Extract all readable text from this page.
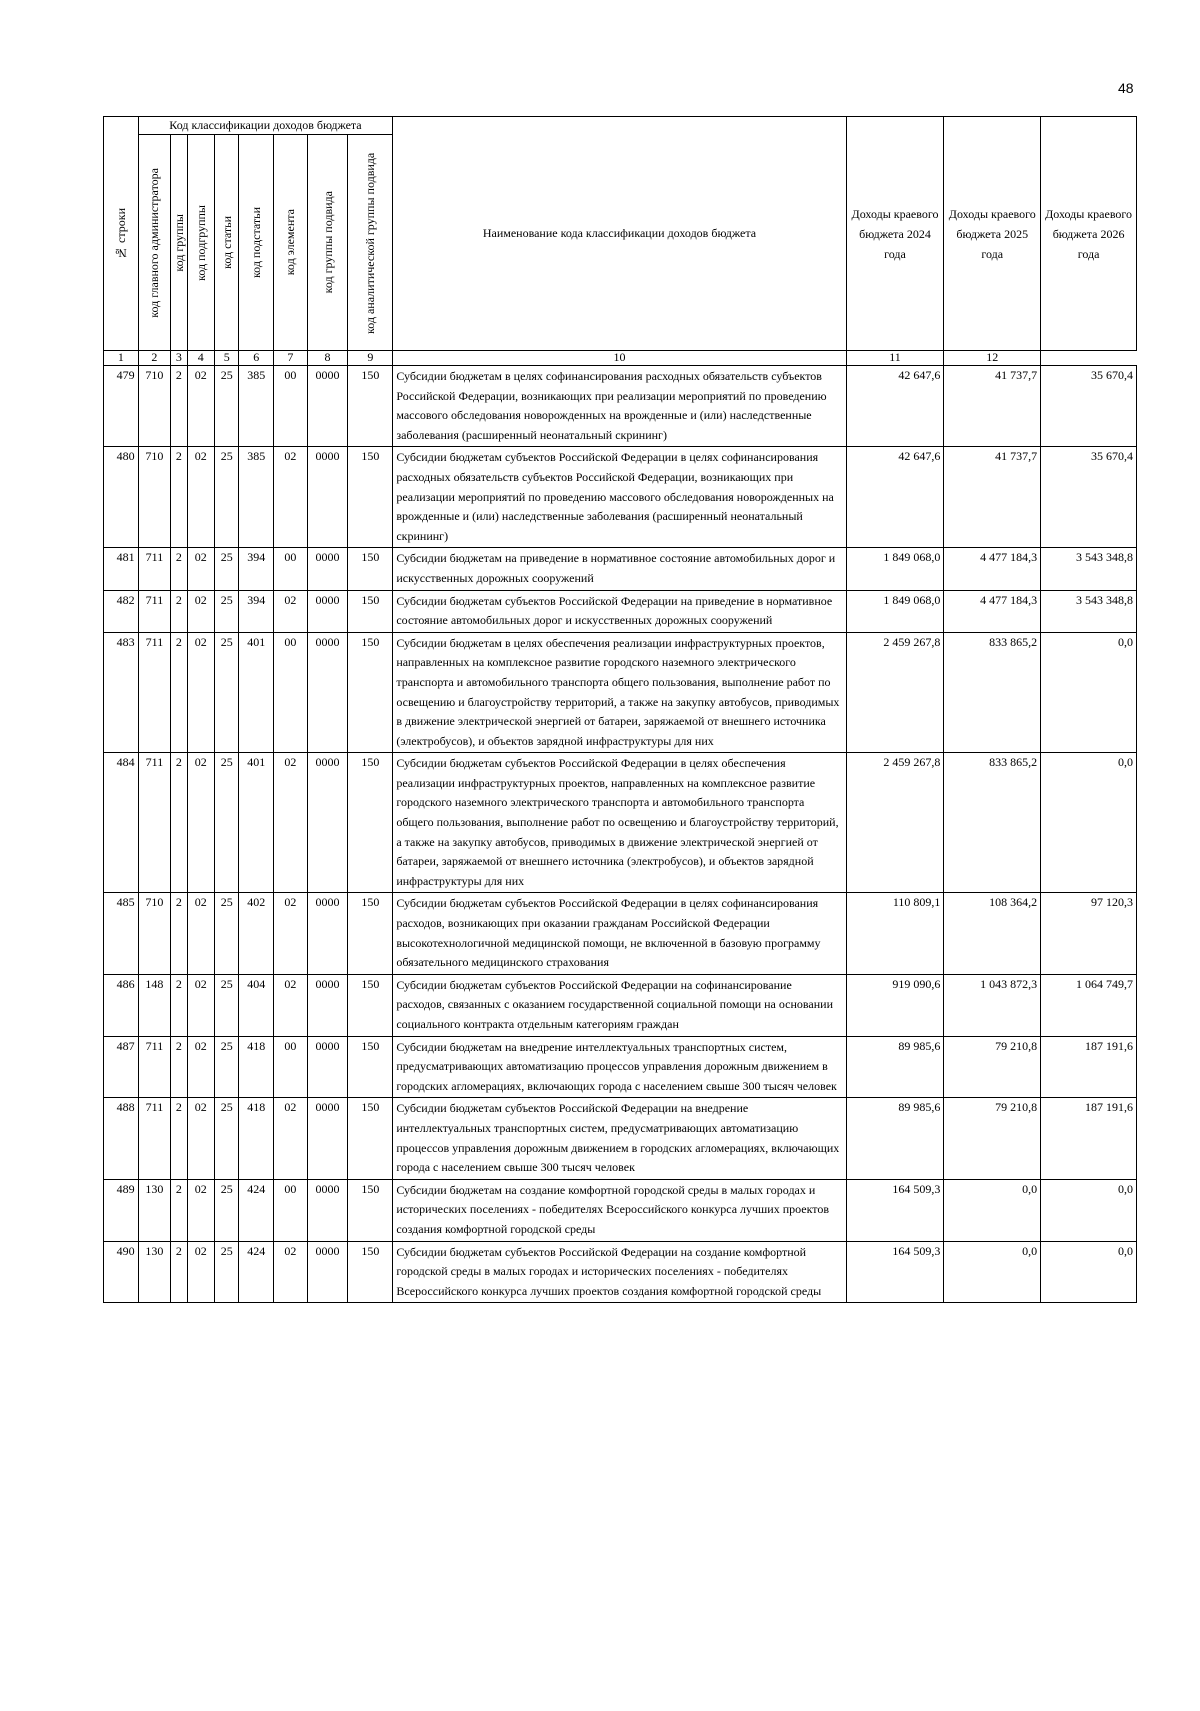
48
№ строки	Код классификации доходов бюджета								Наименование кода классификации доходов бюджета	Доходы краевого бюджета 2024 года	Доходы краевого бюджета 2025 года	Доходы краевого бюджета 2026 года

	код главного администратора	код группы	код подгруппы	код статьи	код подстатьи	код элемента	код группы подвида	код аналитической группы подвида				

1	2	3	4	5	6	7	8	9	10	11	12	
479	710	2	02	25	385	00	0000	150	Субсидии бюджетам в целях софинансирования расходных обязательств субъектов Российской Федерации, возникающих при реализации мероприятий по проведению массового обследования новорожденных на врожденные и (или) наследственные заболевания (расширенный неонатальный скрининг)	42 647,6	41 737,7	35 670,4
480	710	2	02	25	385	02	0000	150	Субсидии бюджетам субъектов Российской Федерации в целях софинансирования расходных обязательств субъектов Российской Федерации, возникающих при реализации мероприятий по проведению массового обследования новорожденных на врожденные и (или) наследственные заболевания (расширенный неонатальный скрининг)	42 647,6	41 737,7	35 670,4
481	711	2	02	25	394	00	0000	150	Субсидии бюджетам на приведение в нормативное состояние автомобильных дорог и искусственных дорожных сооружений	1 849 068,0	4 477 184,3	3 543 348,8
482	711	2	02	25	394	02	0000	150	Субсидии бюджетам субъектов Российской Федерации на приведение в нормативное состояние автомобильных дорог и искусственных дорожных сооружений	1 849 068,0	4 477 184,3	3 543 348,8
483	711	2	02	25	401	00	0000	150	Субсидии бюджетам в целях обеспечения реализации инфраструктурных проектов, направленных на комплексное развитие городского наземного электрического транспорта и автомобильного транспорта общего пользования, выполнение работ по освещению и благоустройству территорий, а также на закупку автобусов, приводимых в движение электрической энергией от батареи, заряжаемой от внешнего источника (электробусов), и объектов зарядной инфраструктуры для них	2 459 267,8	833 865,2	0,0
484	711	2	02	25	401	02	0000	150	Субсидии бюджетам субъектов Российской Федерации в целях обеспечения реализации инфраструктурных проектов, направленных на комплексное развитие городского наземного электрического транспорта и автомобильного транспорта общего пользования, выполнение работ по освещению и благоустройству территорий, а также на закупку автобусов, приводимых в движение электрической энергией от батареи, заряжаемой от внешнего источника (электробусов), и объектов зарядной инфраструктуры для них	2 459 267,8	833 865,2	0,0
485	710	2	02	25	402	02	0000	150	Субсидии бюджетам субъектов Российской Федерации в целях софинансирования расходов, возникающих при оказании гражданам Российской Федерации высокотехнологичной медицинской помощи, не включенной в базовую программу обязательного медицинского страхования	110 809,1	108 364,2	97 120,3
486	148	2	02	25	404	02	0000	150	Субсидии бюджетам субъектов Российской Федерации на софинансирование расходов, связанных с оказанием государственной социальной помощи на основании социального контракта отдельным категориям граждан	919 090,6	1 043 872,3	1 064 749,7
487	711	2	02	25	418	00	0000	150	Субсидии бюджетам на внедрение интеллектуальных транспортных систем, предусматривающих автоматизацию процессов управления дорожным движением в городских агломерациях, включающих города с населением свыше 300 тысяч человек	89 985,6	79 210,8	187 191,6
488	711	2	02	25	418	02	0000	150	Субсидии бюджетам субъектов Российской Федерации на внедрение интеллектуальных транспортных систем, предусматривающих автоматизацию процессов управления дорожным движением в городских агломерациях, включающих города с населением свыше 300 тысяч человек	89 985,6	79 210,8	187 191,6
489	130	2	02	25	424	00	0000	150	Субсидии бюджетам на создание комфортной городской среды в малых городах и исторических поселениях - победителях Всероссийского конкурса лучших проектов создания комфортной городской среды	164 509,3	0,0	0,0
490	130	2	02	25	424	02	0000	150	Субсидии бюджетам субъектов Российской Федерации на создание комфортной городской среды в малых городах и исторических поселениях - победителях Всероссийского конкурса лучших проектов создания комфортной городской среды	164 509,3	0,0	0,0
